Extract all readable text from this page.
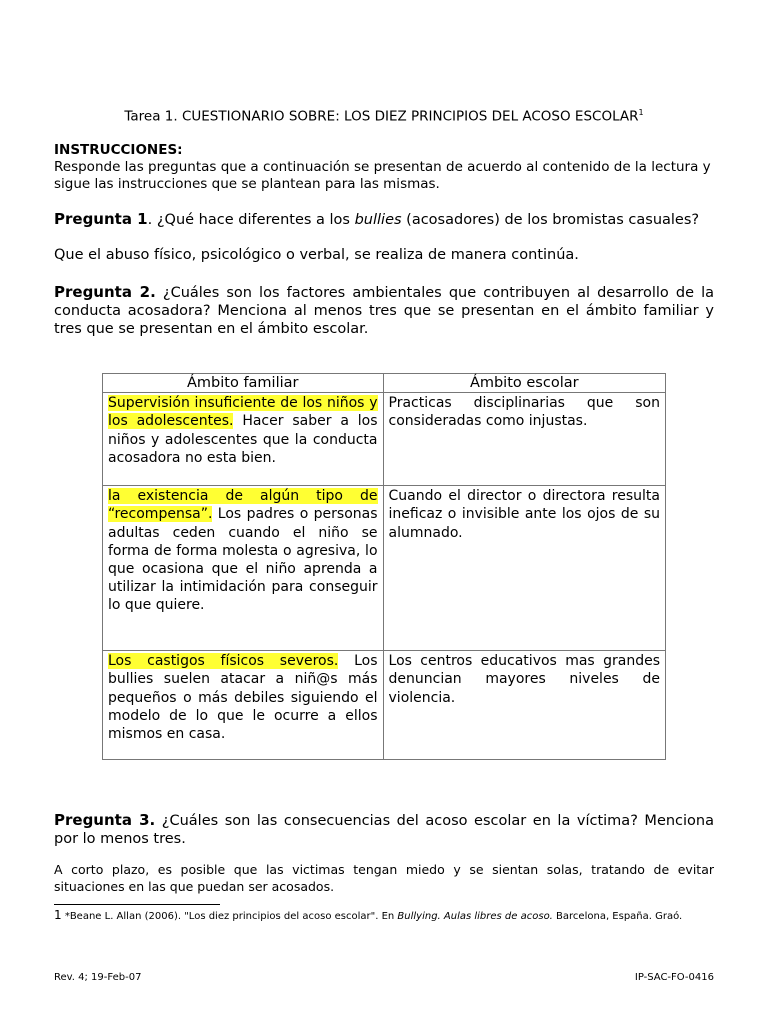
Tarea 1. CUESTIONARIO SOBRE: LOS DIEZ PRINCIPIOS DEL ACOSO ESCOLAR$^1$
INSTRUCCIONES:
Responde las preguntas que a continuación se presentan de acuerdo al contenido de la lectura y sigue las instrucciones que se plantean para las mismas.
Pregunta 1. ¿Qué hace diferentes a los bullies (acosadores) de los bromistas casuales?
Que el abuso físico, psicológico o verbal, se realiza de manera continúa.
Pregunta 2. ¿Cuáles son los factores ambientales que contribuyen al desarrollo de la conducta acosadora? Menciona al menos tres que se presentan en el ámbito familiar y tres que se presentan en el ámbito escolar.
Ámbito familiar	Ámbito escolar
Supervisión insuficiente de los niños y los adolescentes. Hacer saber a los niños y adolescentes que la conducta acosadora no esta bien.	Practicas disciplinarias que son consideradas como injustas.
la existencia de algún tipo de “recompensa”. Los padres o personas adultas ceden cuando el niño se forma de forma molesta o agresiva, lo que ocasiona que el niño aprenda a utilizar la intimidación para conseguir lo que quiere.	Cuando el director o directora resulta ineficaz o invisible ante los ojos de su alumnado.
Los castigos físicos severos. Los bullies suelen atacar a niñ@s más pequeños o más debiles siguiendo el modelo de lo que le ocurre a ellos mismos en casa.	Los centros educativos mas grandes denuncian mayores niveles de violencia.
Pregunta 3. ¿Cuáles son las consecuencias del acoso escolar en la víctima? Menciona por lo menos tres.
A corto plazo, es posible que las victimas tengan miedo y se sientan solas, tratando de evitar situaciones en las que puedan ser acosados.
1 *Beane L. Allan (2006). "Los diez principios del acoso escolar". En Bullying. Aulas libres de acoso. Barcelona, España. Graó.
Rev. 4; 19-Feb-07	IP-SAC-FO-0416
